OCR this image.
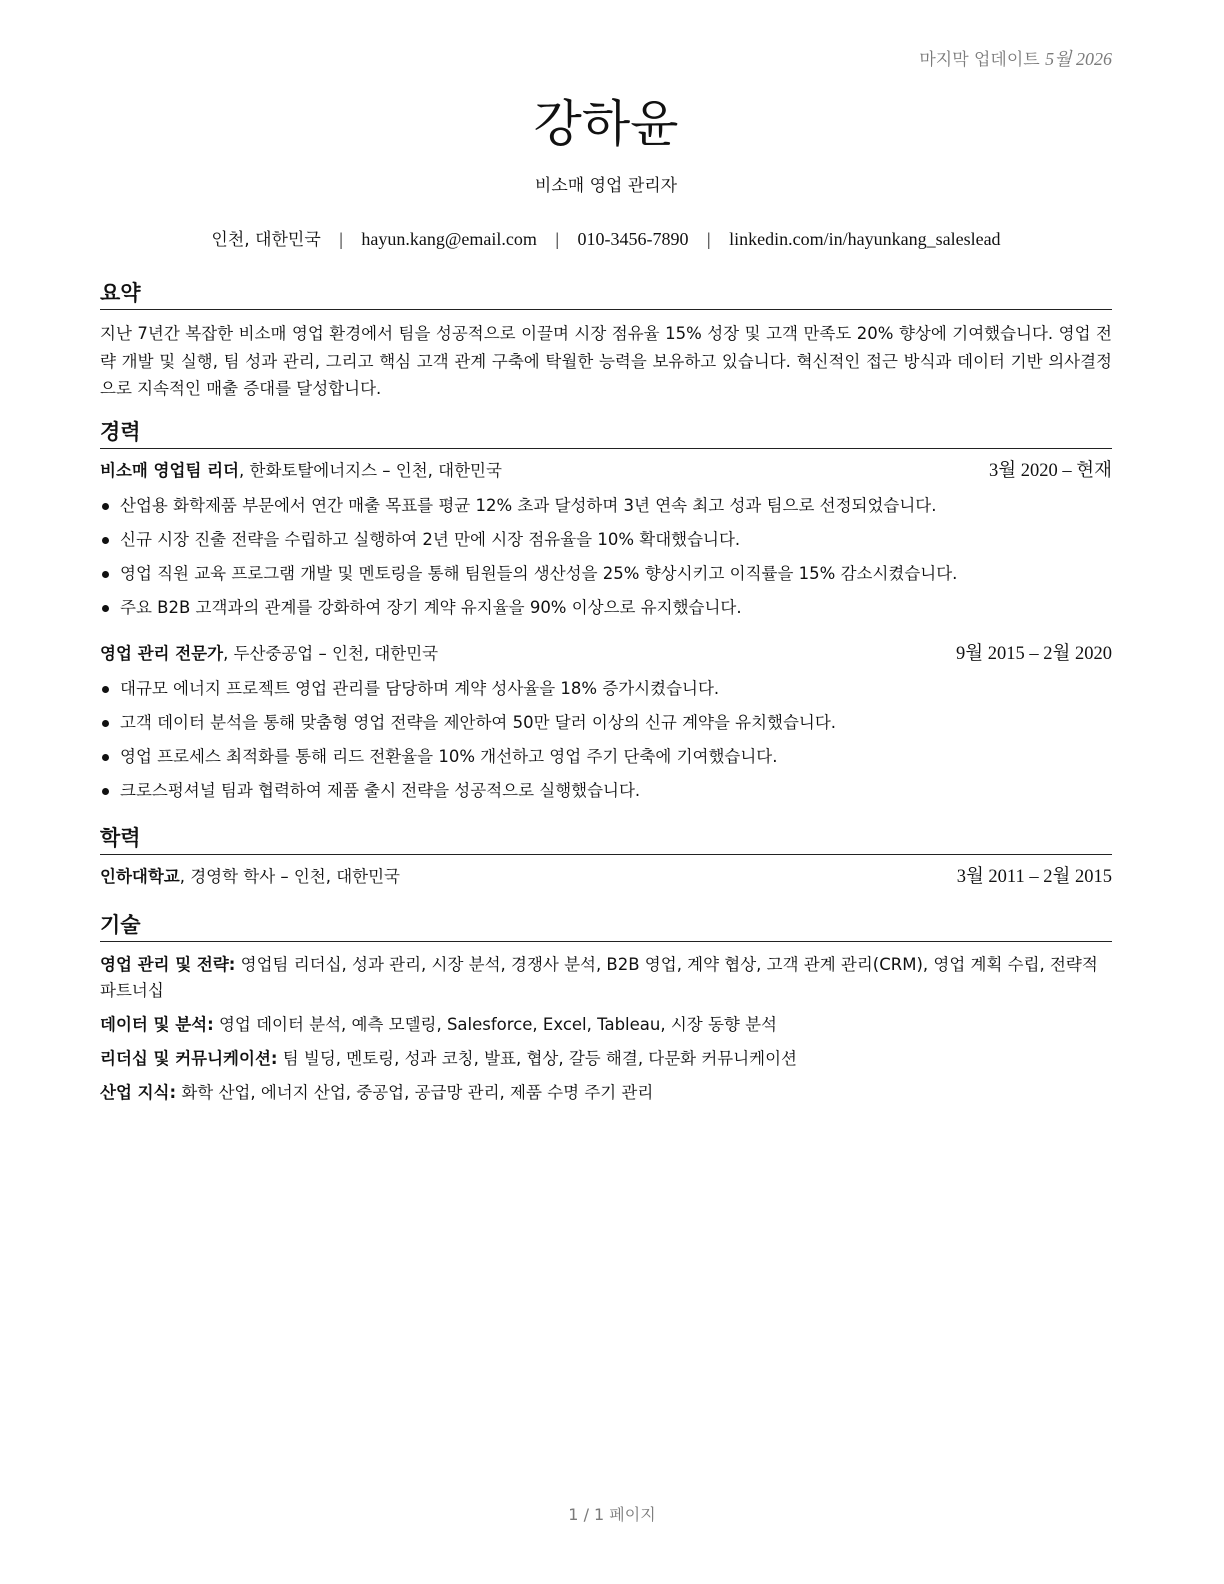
마지막 업데이트 5월 2026
강하윤
비소매 영업 관리자
인천, 대한민국 | hayun.kang@email.com | 010-3456-7890 | linkedin.com/in/hayunkang_saleslead
요약

지난 7년간 복잡한 비소매 영업 환경에서 팀을 성공적으로 이끌며 시장 점유율 15% 성장 및 고객 만족도 20% 향상에 기여했습니다. 영업 전략 개발 및 실행, 팀 성과 관리, 그리고 핵심 고객 관계 구축에 탁월한 능력을 보유하고 있습니다. 혁신적인 접근 방식과 데이터 기반 의사결정으로 지속적인 매출 증대를 달성합니다.

경력
비소매 영업팀 리더, 한화토탈에너지스 – 인천, 대한민국	3월 2020 – 현재
산업용 화학제품 부문에서 연간 매출 목표를 평균 12% 초과 달성하며 3년 연속 최고 성과 팀으로 선정되었습니다.
신규 시장 진출 전략을 수립하고 실행하여 2년 만에 시장 점유율을 10% 확대했습니다.
영업 직원 교육 프로그램 개발 및 멘토링을 통해 팀원들의 생산성을 25% 향상시키고 이직률을 15% 감소시켰습니다.
주요 B2B 고객과의 관계를 강화하여 장기 계약 유지율을 90% 이상으로 유지했습니다.
영업 관리 전문가, 두산중공업 – 인천, 대한민국	9월 2015 – 2월 2020
대규모 에너지 프로젝트 영업 관리를 담당하며 계약 성사율을 18% 증가시켰습니다.
고객 데이터 분석을 통해 맞춤형 영업 전략을 제안하여 50만 달러 이상의 신규 계약을 유치했습니다.
영업 프로세스 최적화를 통해 리드 전환율을 10% 개선하고 영업 주기 단축에 기여했습니다.
크로스펑셔널 팀과 협력하여 제품 출시 전략을 성공적으로 실행했습니다.
학력
인하대학교, 경영학 학사 – 인천, 대한민국	3월 2011 – 2월 2015
기술

영업 관리 및 전략: 영업팀 리더십, 성과 관리, 시장 분석, 경쟁사 분석, B2B 영업, 계약 협상, 고객 관계 관리(CRM), 영업 계획 수립, 전략적 파트너십

데이터 및 분석: 영업 데이터 분석, 예측 모델링, Salesforce, Excel, Tableau, 시장 동향 분석

리더십 및 커뮤니케이션: 팀 빌딩, 멘토링, 성과 코칭, 발표, 협상, 갈등 해결, 다문화 커뮤니케이션

산업 지식: 화학 산업, 에너지 산업, 중공업, 공급망 관리, 제품 수명 주기 관리

1 / 1 페이지
